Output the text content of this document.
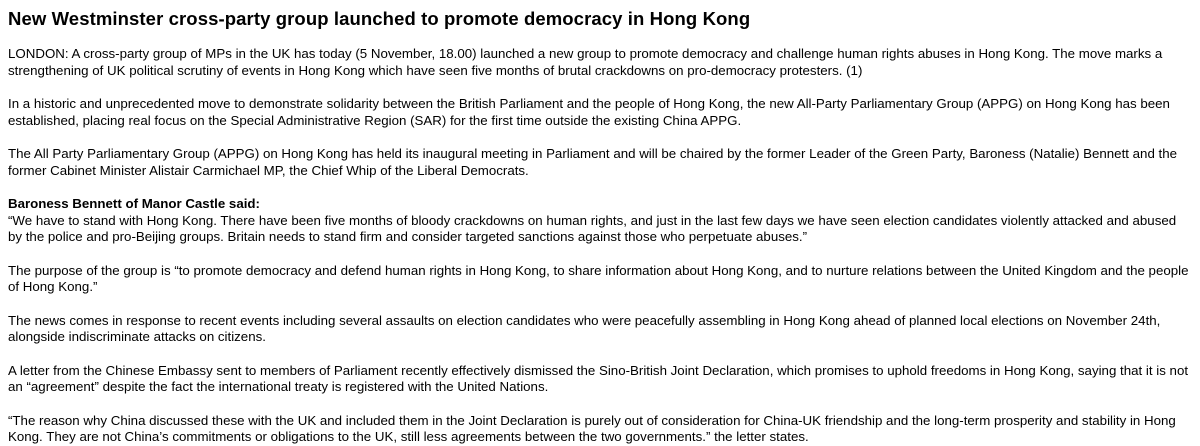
New Westminster cross-party group launched to promote democracy in Hong Kong

LONDON: A cross-party group of MPs in the UK has today (5 November, 18.00) launched a new group to promote democracy and challenge human rights abuses in Hong Kong. The move marks a strengthening of UK political scrutiny of events in Hong Kong which have seen five months of brutal crackdowns on pro-democracy protesters. (1)

In a historic and unprecedented move to demonstrate solidarity between the British Parliament and the people of Hong Kong, the new All-Party Parliamentary Group (APPG) on Hong Kong has been established, placing real focus on the Special Administrative Region (SAR) for the first time outside the existing China APPG.

The All Party Parliamentary Group (APPG) on Hong Kong has held its inaugural meeting in Parliament and will be chaired by the former Leader of the Green Party, Baroness (Natalie) Bennett and the former Cabinet Minister Alistair Carmichael MP, the Chief Whip of the Liberal Democrats.

Baroness Bennett of Manor Castle said:
“We have to stand with Hong Kong. There have been five months of bloody crackdowns on human rights, and just in the last few days we have seen election candidates violently attacked and abused by the police and pro-Beijing groups. Britain needs to stand firm and consider targeted sanctions against those who perpetuate abuses.”

The purpose of the group is “to promote democracy and defend human rights in Hong Kong, to share information about Hong Kong, and to nurture relations between the United Kingdom and the people of Hong Kong.”

The news comes in response to recent events including several assaults on election candidates who were peacefully assembling in Hong Kong ahead of planned local elections on November 24th, alongside indiscriminate attacks on citizens.

A letter from the Chinese Embassy sent to members of Parliament recently effectively dismissed the Sino-British Joint Declaration, which promises to uphold freedoms in Hong Kong, saying that it is not an “agreement” despite the fact the international treaty is registered with the United Nations.

“The reason why China discussed these with the UK and included them in the Joint Declaration is purely out of consideration for China-UK friendship and the long-term prosperity and stability in Hong Kong. They are not China’s commitments or obligations to the UK, still less agreements between the two governments.” the letter states.
